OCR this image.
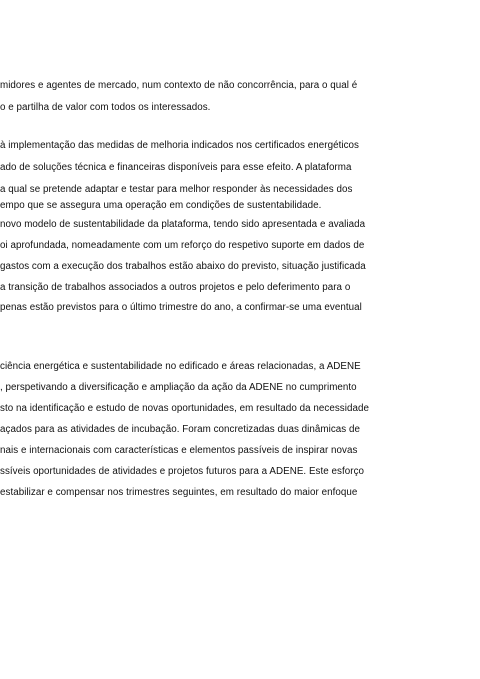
midores e agentes de mercado, num contexto de não concorrência, para o qual é
o e partilha de valor com todos os interessados.
à implementação das medidas de melhoria indicados nos certificados energéticos
ado de soluções técnica e financeiras disponíveis para esse efeito. A plataforma
a qual se pretende adaptar e testar para melhor responder às necessidades dos
empo que se assegura uma operação em condições de sustentabilidade.
novo modelo de sustentabilidade da plataforma, tendo sido apresentada e avaliada
oi aprofundada, nomeadamente com um reforço do respetivo suporte em dados de
gastos com a execução dos trabalhos estão abaixo do previsto, situação justificada
a transição de trabalhos associados a outros projetos e pelo deferimento para o
penas estão previstos para o último trimestre do ano, a confirmar-se uma eventual
ciência energética e sustentabilidade no edificado e áreas relacionadas, a ADENE
, perspetivando a diversificação e ampliação da ação da ADENE no cumprimento
sto na identificação e estudo de novas oportunidades, em resultado da necessidade
açados para as atividades de incubação. Foram concretizadas duas dinâmicas de
nais e internacionais com características e elementos passíveis de inspirar novas
ssíveis oportunidades de atividades e projetos futuros para a ADENE. Este esforço
estabilizar e compensar nos trimestres seguintes, em resultado do maior enfoque
